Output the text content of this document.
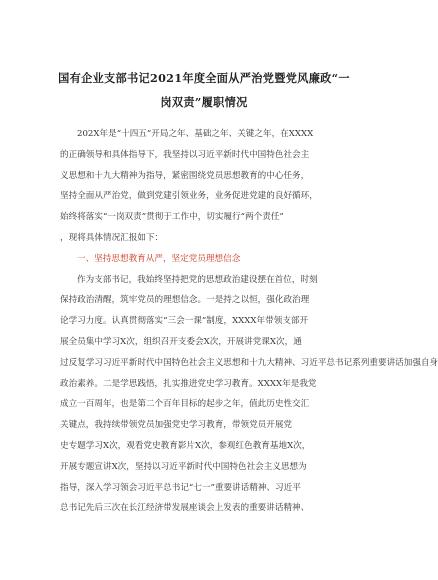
国有企业支部书记2021年度全面从严治党暨党风廉政“一
岗双责”履职情况
202X年是“十四五”开局之年、基础之年、关键之年，在XXXX
的正确领导和具体指导下，我坚持以习近平新时代中国特色社会主
义思想和十九大精神为指导，紧密围绕党员思想教育的中心任务，
坚持全面从严治党，做到党建引领业务，业务促进党建的良好循环，
始终将落实“一岗双责”贯彻于工作中，切实履行“两个责任”
，现将具体情况汇报如下：
一、坚持思想教育从严，坚定党员理想信念
作为支部书记，我始终坚持把党的思想政治建设摆在首位，时刻
保持政治清醒，筑牢党员的理想信念。一是持之以恒，强化政治理
论学习力度。认真贯彻落实“三会一课”制度，XXXX年带领支部开
展全员集中学习X次，组织召开支委会X次，开展讲党课X次，通
过反复学习习近平新时代中国特色社会主义思想和十九大精神、习近平总书记系列重要讲话加强自身
政治素养。二是学思践悟，扎实推进党史学习教育。XXXX年是我党
成立一百周年，也是第二个百年目标的起步之年，值此历史性交汇
关键点，我持续带领党员加强党史学习教育，带领党员开展党
史专题学习X次，观看党史教育影片X次，参观红色教育基地X次，
开展专题宣讲X次，坚持以习近平新时代中国特色社会主义思想为
指导，深入学习领会习近平总书记“七一”重要讲话精神、习近平
总书记先后三次在长江经济带发展座谈会上发表的重要讲话精神、
